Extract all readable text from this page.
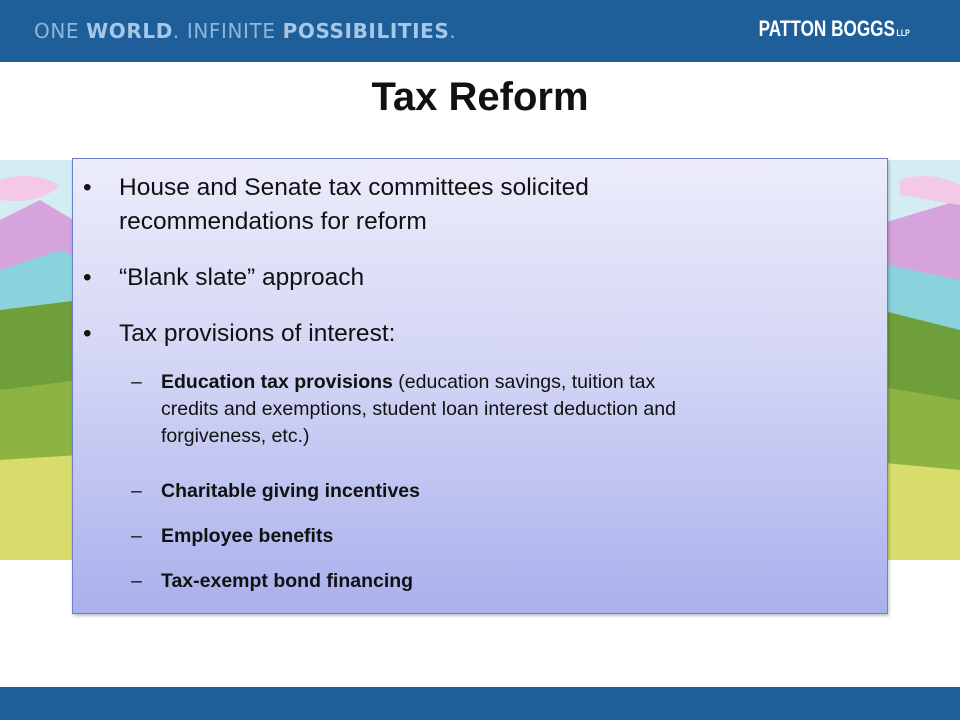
ONE WORLD. INFINITE POSSIBILITIES.	PATTON BOGGS LLP
Tax Reform
• House and Senate tax committees solicited
recommendations for reform
• “Blank slate” approach
• Tax provisions of interest:
– Education tax provisions (education savings, tuition tax
credits and exemptions, student loan interest deduction and
forgiveness, etc.)
– Charitable giving incentives
– Employee benefits
– Tax-exempt bond financing
